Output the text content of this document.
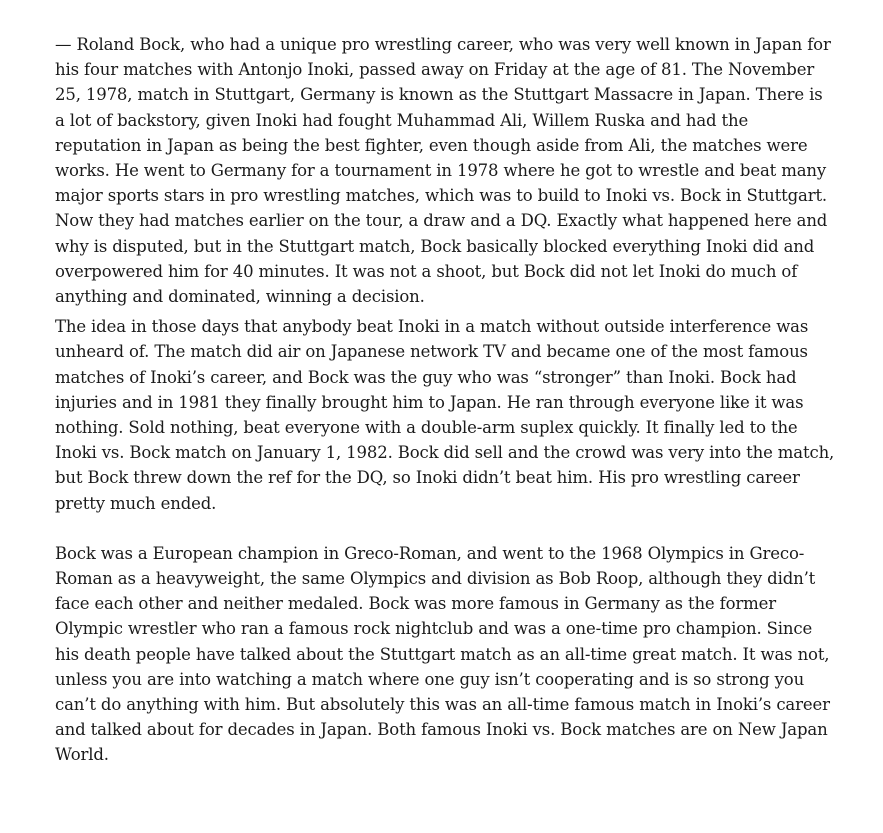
— Roland Bock, who had a unique pro wrestling career, who was very well known in Japan for his four matches with Antonjo Inoki, passed away on Friday at the age of 81. The November 25, 1978, match in Stuttgart, Germany is known as the Stuttgart Massacre in Japan. There is a lot of backstory, given Inoki had fought Muhammad Ali, Willem Ruska and had the reputation in Japan as being the best fighter, even though aside from Ali, the matches were works. He went to Germany for a tournament in 1978 where he got to wrestle and beat many major sports stars in pro wrestling matches, which was to build to Inoki vs. Bock in Stuttgart. Now they had matches earlier on the tour, a draw and a DQ. Exactly what happened here and why is disputed, but in the Stuttgart match, Bock basically blocked everything Inoki did and overpowered him for 40 minutes. It was not a shoot, but Bock did not let Inoki do much of anything and dominated, winning a decision.

The idea in those days that anybody beat Inoki in a match without outside interference was unheard of. The match did air on Japanese network TV and became one of the most famous matches of Inoki’s career, and Bock was the guy who was “stronger” than Inoki. Bock had injuries and in 1981 they finally brought him to Japan. He ran through everyone like it was nothing. Sold nothing, beat everyone with a double-arm suplex quickly. It finally led to the Inoki vs. Bock match on January 1, 1982. Bock did sell and the crowd was very into the match, but Bock threw down the ref for the DQ, so Inoki didn’t beat him. His pro wrestling career pretty much ended.

Bock was a European champion in Greco-Roman, and went to the 1968 Olympics in Greco-Roman as a heavyweight, the same Olympics and division as Bob Roop, although they didn’t face each other and neither medaled. Bock was more famous in Germany as the former Olympic wrestler who ran a famous rock nightclub and was a one-time pro champion. Since his death people have talked about the Stuttgart match as an all-time great match. It was not, unless you are into watching a match where one guy isn’t cooperating and is so strong you can’t do anything with him. But absolutely this was an all-time famous match in Inoki’s career and talked about for decades in Japan. Both famous Inoki vs. Bock matches are on New Japan World.
